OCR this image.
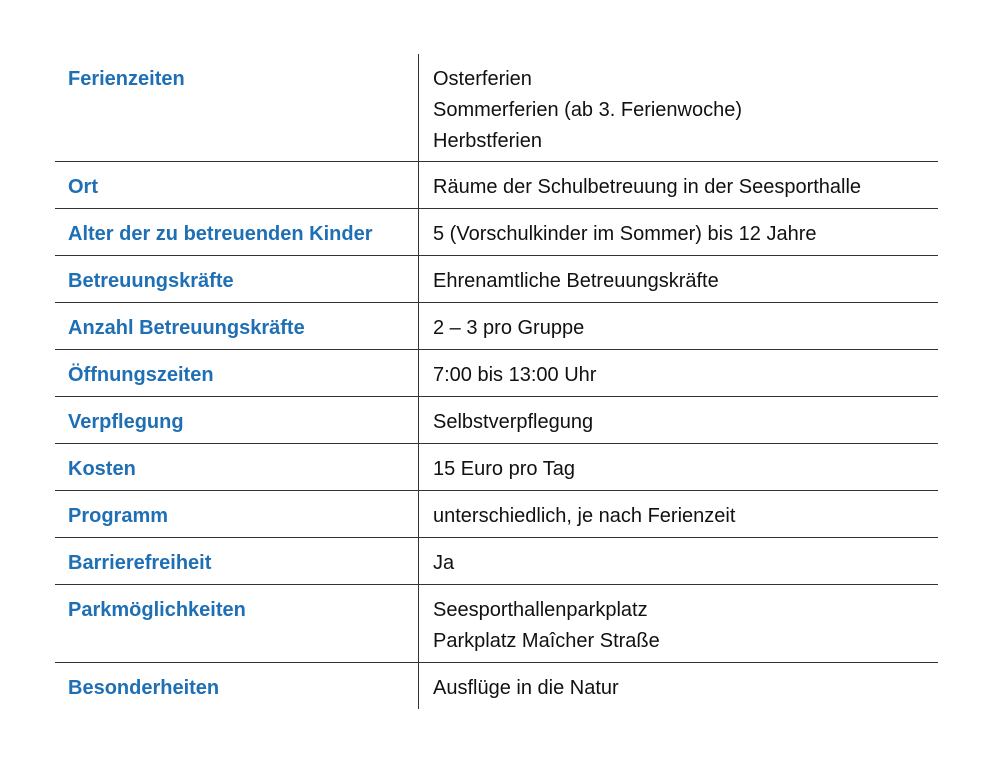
Ferienzeiten	Osterferien
Sommerferien (ab 3. Ferienwoche)
Herbstferien
Ort	Räume der Schulbetreuung in der Seesporthalle
Alter der zu betreuenden Kinder	5 (Vorschulkinder im Sommer) bis 12 Jahre
Betreuungskräfte	Ehrenamtliche Betreuungskräfte
Anzahl Betreuungskräfte	2 – 3 pro Gruppe
Öffnungszeiten	7:00 bis 13:00 Uhr
Verpflegung	Selbstverpflegung
Kosten	15 Euro pro Tag
Programm	unterschiedlich, je nach Ferienzeit
Barrierefreiheit	Ja
Parkmöglichkeiten	Seesporthallenparkplatz
Parkplatz Maîcher Straße
Besonderheiten	Ausflüge in die Natur
